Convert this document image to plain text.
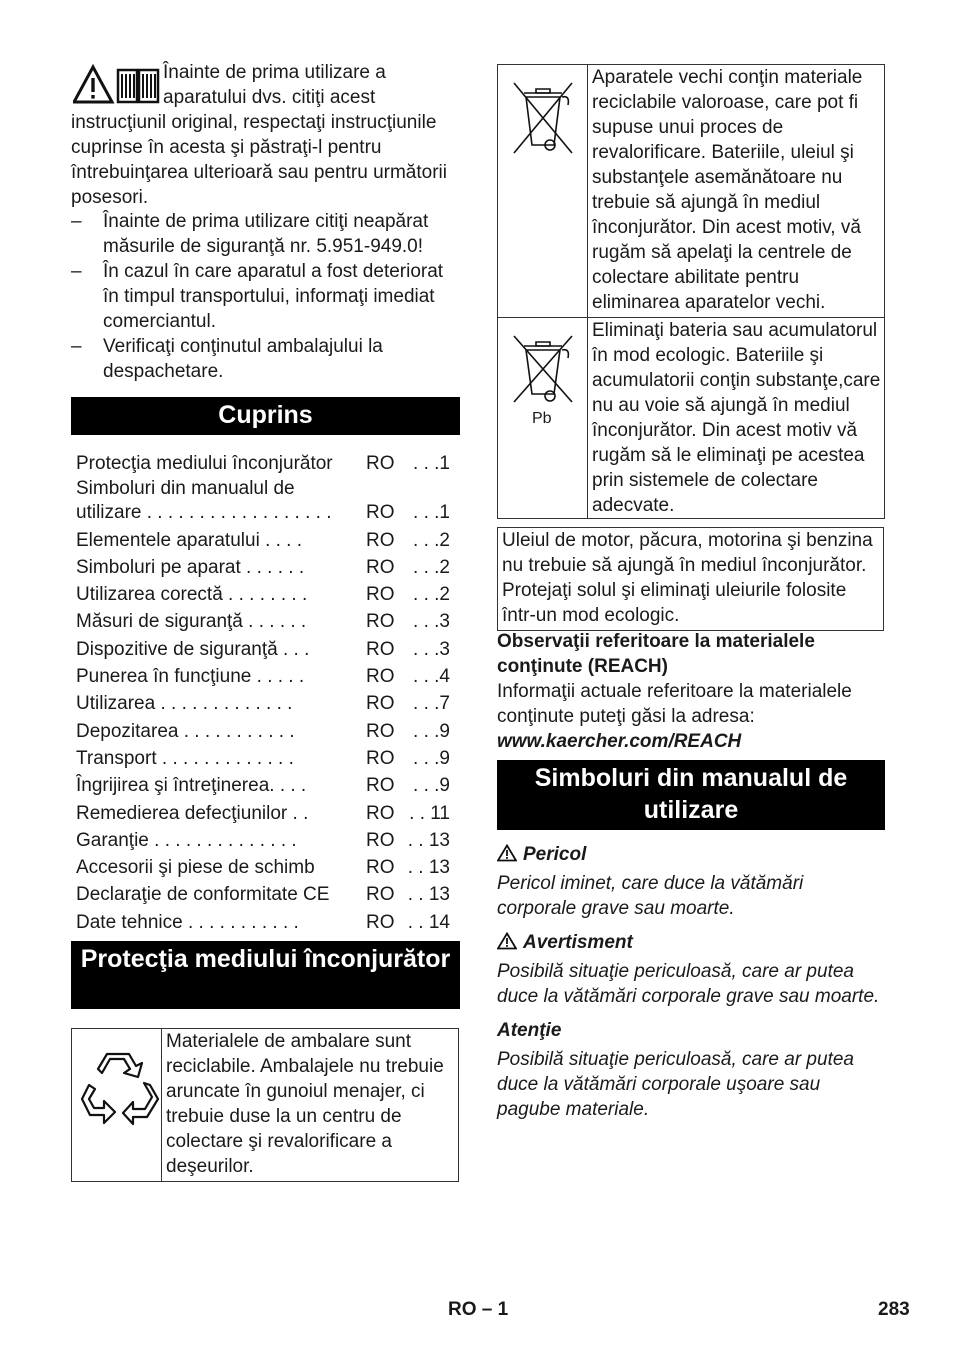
Înainte de prima utilizare a aparatului dvs. citiţi acest instrucţiunil original, respectaţi instrucţiunile cuprinse în acesta şi păstraţi-l pentru întrebuinţarea ulterioară sau pentru următorii posesori.

– Înainte de prima utilizare citiţi neapărat măsurile de siguranţă nr. 5.951-949.0!
– În cazul în care aparatul a fost deteriorat în timpul transportului, informaţi imediat comerciantul.
– Verificaţi conţinutul ambalajului la despachetare.
Cuprins
Protecţia mediului înconjurător	RO . . .1
Simboluri din manualul de utilizare . . . . . . . . . . . . . . . . . .	RO . . .1
Elementele aparatului . . . .	RO . . .2
Simboluri pe aparat . . . . . .	RO . . .2
Utilizarea corectă . . . . . . . .	RO . . .2
Măsuri de siguranţă . . . . . .	RO . . .3
Dispozitive de siguranţă . . .	RO . . .3
Punerea în funcţiune . . . . .	RO . . .4
Utilizarea . . . . . . . . . . . . .	RO . . .7
Depozitarea . . . . . . . . . . .	RO . . .9
Transport . . . . . . . . . . . . .	RO . . .9
Îngrijirea şi întreţinerea. . . .	RO . . .9
Remedierea defecţiunilor . .	RO . . 11
Garanţie . . . . . . . . . . . . . .	RO . . 13
Accesorii şi piese de schimb	RO . . 13
Declaraţie de conformitate CE	RO . . 13
Date tehnice . . . . . . . . . . .	RO . . 14
Protecţia mediului înconjurător
Materialele de ambalare sunt reciclabile. Ambalajele nu trebuie aruncate în gunoiul menajer, ci trebuie duse la un centru de colectare şi revalorificare a deşeurilor.
Aparatele vechi conţin materiale reciclabile valoroase, care pot fi supuse unui proces de revalorificare. Bateriile, uleiul şi substanţele asemănătoare nu trebuie să ajungă în mediul înconjurător. Din acest motiv, vă rugăm să apelaţi la centrele de colectare abilitate pentru eliminarea aparatelor vechi.
Pb
Eliminaţi bateria sau acumulatorul în mod ecologic. Bateriile şi acumulatorii conţin substanţe,care nu au voie să ajungă în mediul înconjurător. Din acest motiv vă rugăm să le eliminaţi pe acestea prin sistemele de colectare adecvate.
Uleiul de motor, păcura, motorina şi benzina nu trebuie să ajungă în mediul înconjurător. Protejaţi solul şi eliminaţi uleiurile folosite într-un mod ecologic.

Observaţii referitoare la materialele conţinute (REACH)

Informaţii actuale referitoare la materialele conţinute puteţi găsi la adresa:

www.kaercher.com/REACH

Simboluri din manualul de utilizare

Pericol

Pericol iminet, care duce la vătămări corporale grave sau moarte.

Avertisment

Posibilă situaţie periculoasă, care ar putea duce la vătămări corporale grave sau moarte.

Atenţie

Posibilă situaţie periculoasă, care ar putea duce la vătămări corporale uşoare sau pagube materiale.

RO – 1	283
